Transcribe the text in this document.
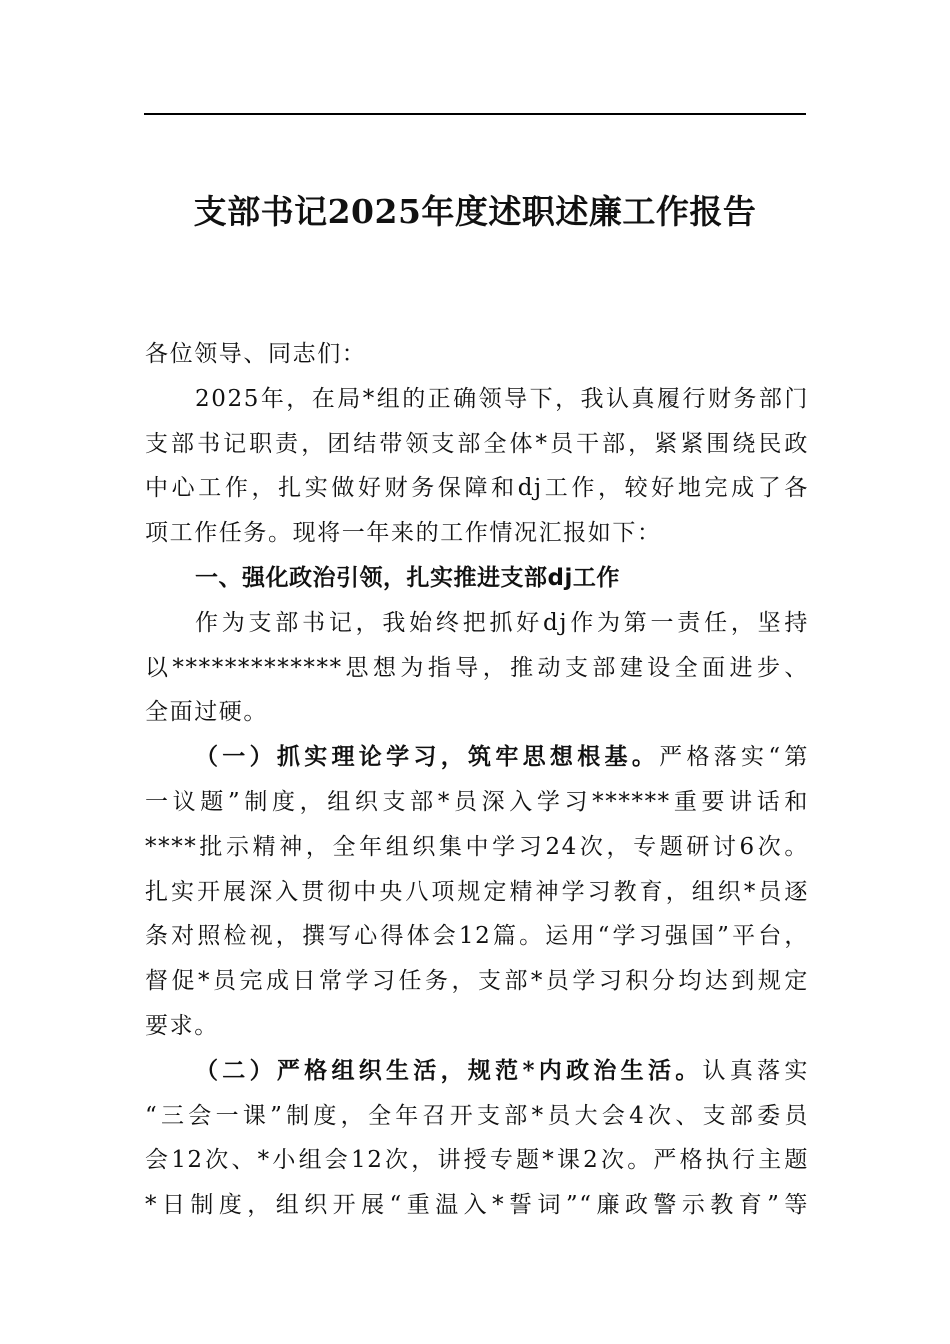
支部书记2025年度述职述廉工作报告
各位领导、同志们：
2025年，在局*组的正确领导下，我认真履行财务部门
支部书记职责，团结带领支部全体*员干部，紧紧围绕民政
中心工作，扎实做好财务保障和dj工作，较好地完成了各
项工作任务。现将一年来的工作情况汇报如下：
一、强化政治引领，扎实推进支部dj工作
作为支部书记，我始终把抓好dj作为第一责任，坚持
以*************思想为指导，推动支部建设全面进步、
全面过硬。
（一）抓实理论学习，筑牢思想根基。严格落实“第
一议题”制度，组织支部*员深入学习******重要讲话和
****批示精神，全年组织集中学习24次，专题研讨6次。
扎实开展深入贯彻中央八项规定精神学习教育，组织*员逐
条对照检视，撰写心得体会12篇。运用“学习强国”平台，
督促*员完成日常学习任务，支部*员学习积分均达到规定
要求。
（二）严格组织生活，规范*内政治生活。认真落实
“三会一课”制度，全年召开支部*员大会4次、支部委员
会12次、*小组会12次，讲授专题*课2次。严格执行主题
*日制度，组织开展“重温入*誓词”“廉政警示教育”等
